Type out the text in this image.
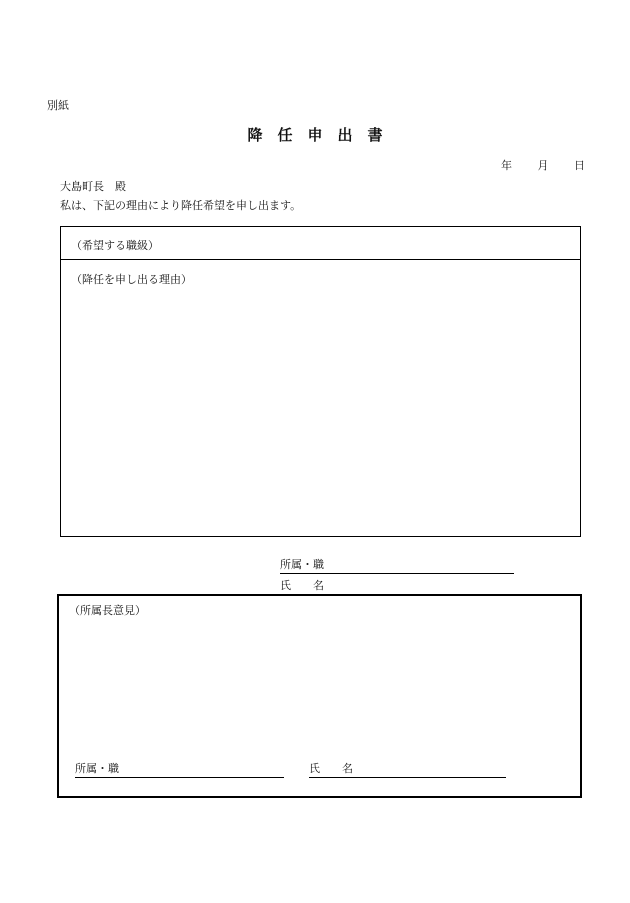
別紙
降任申出書
年 月 日
大島町長　殿
私は、下記の理由により降任希望を申し出ます。
（希望する職級）
（降任を申し出る理由）
所属・職
氏　　名
（所属長意見）
所属・職	氏　　名
